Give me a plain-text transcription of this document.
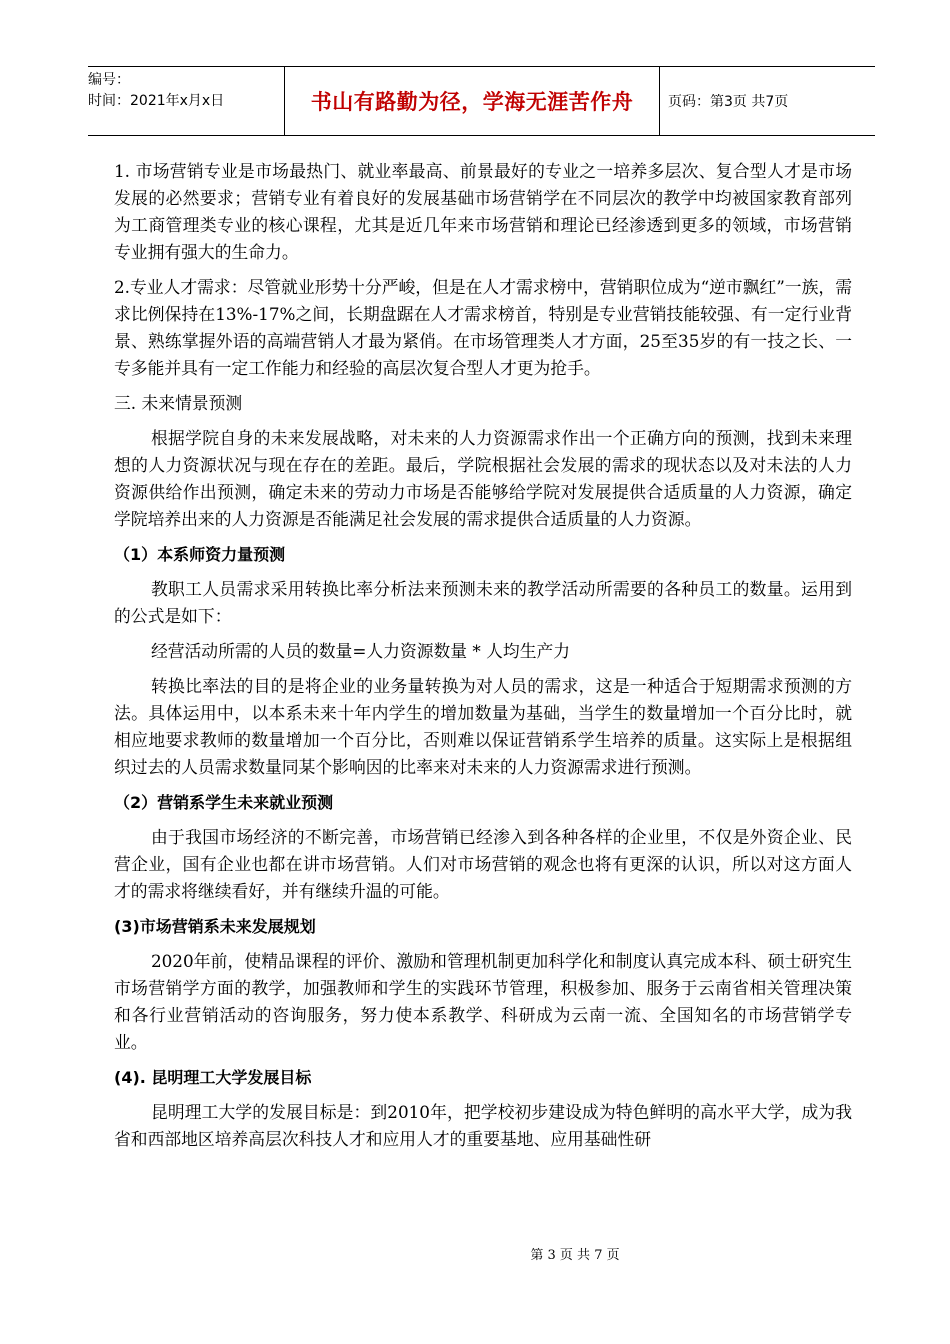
编号：
时间：2021年x月x日	书山有路勤为径，学海无涯苦作舟	页码：第3页 共7页

1. 市场营销专业是市场最热门、就业率最高、前景最好的专业之一培养多层次、复合型人才是市场发展的必然要求；营销专业有着良好的发展基础市场营销学在不同层次的教学中均被国家教育部列为工商管理类专业的核心课程，尤其是近几年来市场营销和理论已经渗透到更多的领域，市场营销专业拥有强大的生命力。

2.专业人才需求：尽管就业形势十分严峻，但是在人才需求榜中，营销职位成为“逆市飘红”一族，需求比例保持在13%-17%之间，长期盘踞在人才需求榜首，特别是专业营销技能较强、有一定行业背景、熟练掌握外语的高端营销人才最为紧俏。在市场管理类人才方面，25至35岁的有一技之长、一专多能并具有一定工作能力和经验的高层次复合型人才更为抢手。

三. 未来情景预测

根据学院自身的未来发展战略，对未来的人力资源需求作出一个正确方向的预测，找到未来理想的人力资源状况与现在存在的差距。最后，学院根据社会发展的需求的现状态以及对未法的人力资源供给作出预测，确定未来的劳动力市场是否能够给学院对发展提供合适质量的人力资源，确定学院培养出来的人力资源是否能满足社会发展的需求提供合适质量的人力资源。

（1）本系师资力量预测

教职工人员需求采用转换比率分析法来预测未来的教学活动所需要的各种员工的数量。运用到的公式是如下：

经营活动所需的人员的数量=人力资源数量 * 人均生产力

转换比率法的目的是将企业的业务量转换为对人员的需求，这是一种适合于短期需求预测的方法。具体运用中，以本系未来十年内学生的增加数量为基础，当学生的数量增加一个百分比时，就相应地要求教师的数量增加一个百分比，否则难以保证营销系学生培养的质量。这实际上是根据组织过去的人员需求数量同某个影响因的比率来对未来的人力资源需求进行预测。

（2）营销系学生未来就业预测

由于我国市场经济的不断完善，市场营销已经渗入到各种各样的企业里，不仅是外资企业、民营企业，国有企业也都在讲市场营销。人们对市场营销的观念也将有更深的认识，所以对这方面人才的需求将继续看好，并有继续升温的可能。

(3)市场营销系未来发展规划

2020年前，使精品课程的评价、激励和管理机制更加科学化和制度认真完成本科、硕士研究生市场营销学方面的教学，加强教师和学生的实践环节管理，积极参加、服务于云南省相关管理决策和各行业营销活动的咨询服务，努力使本系教学、科研成为云南一流、全国知名的市场营销学专业。

(4). 昆明理工大学发展目标

昆明理工大学的发展目标是：到2010年，把学校初步建设成为特色鲜明的高水平大学，成为我省和西部地区培养高层次科技人才和应用人才的重要基地、应用基础性研

第 3 页 共 7 页
